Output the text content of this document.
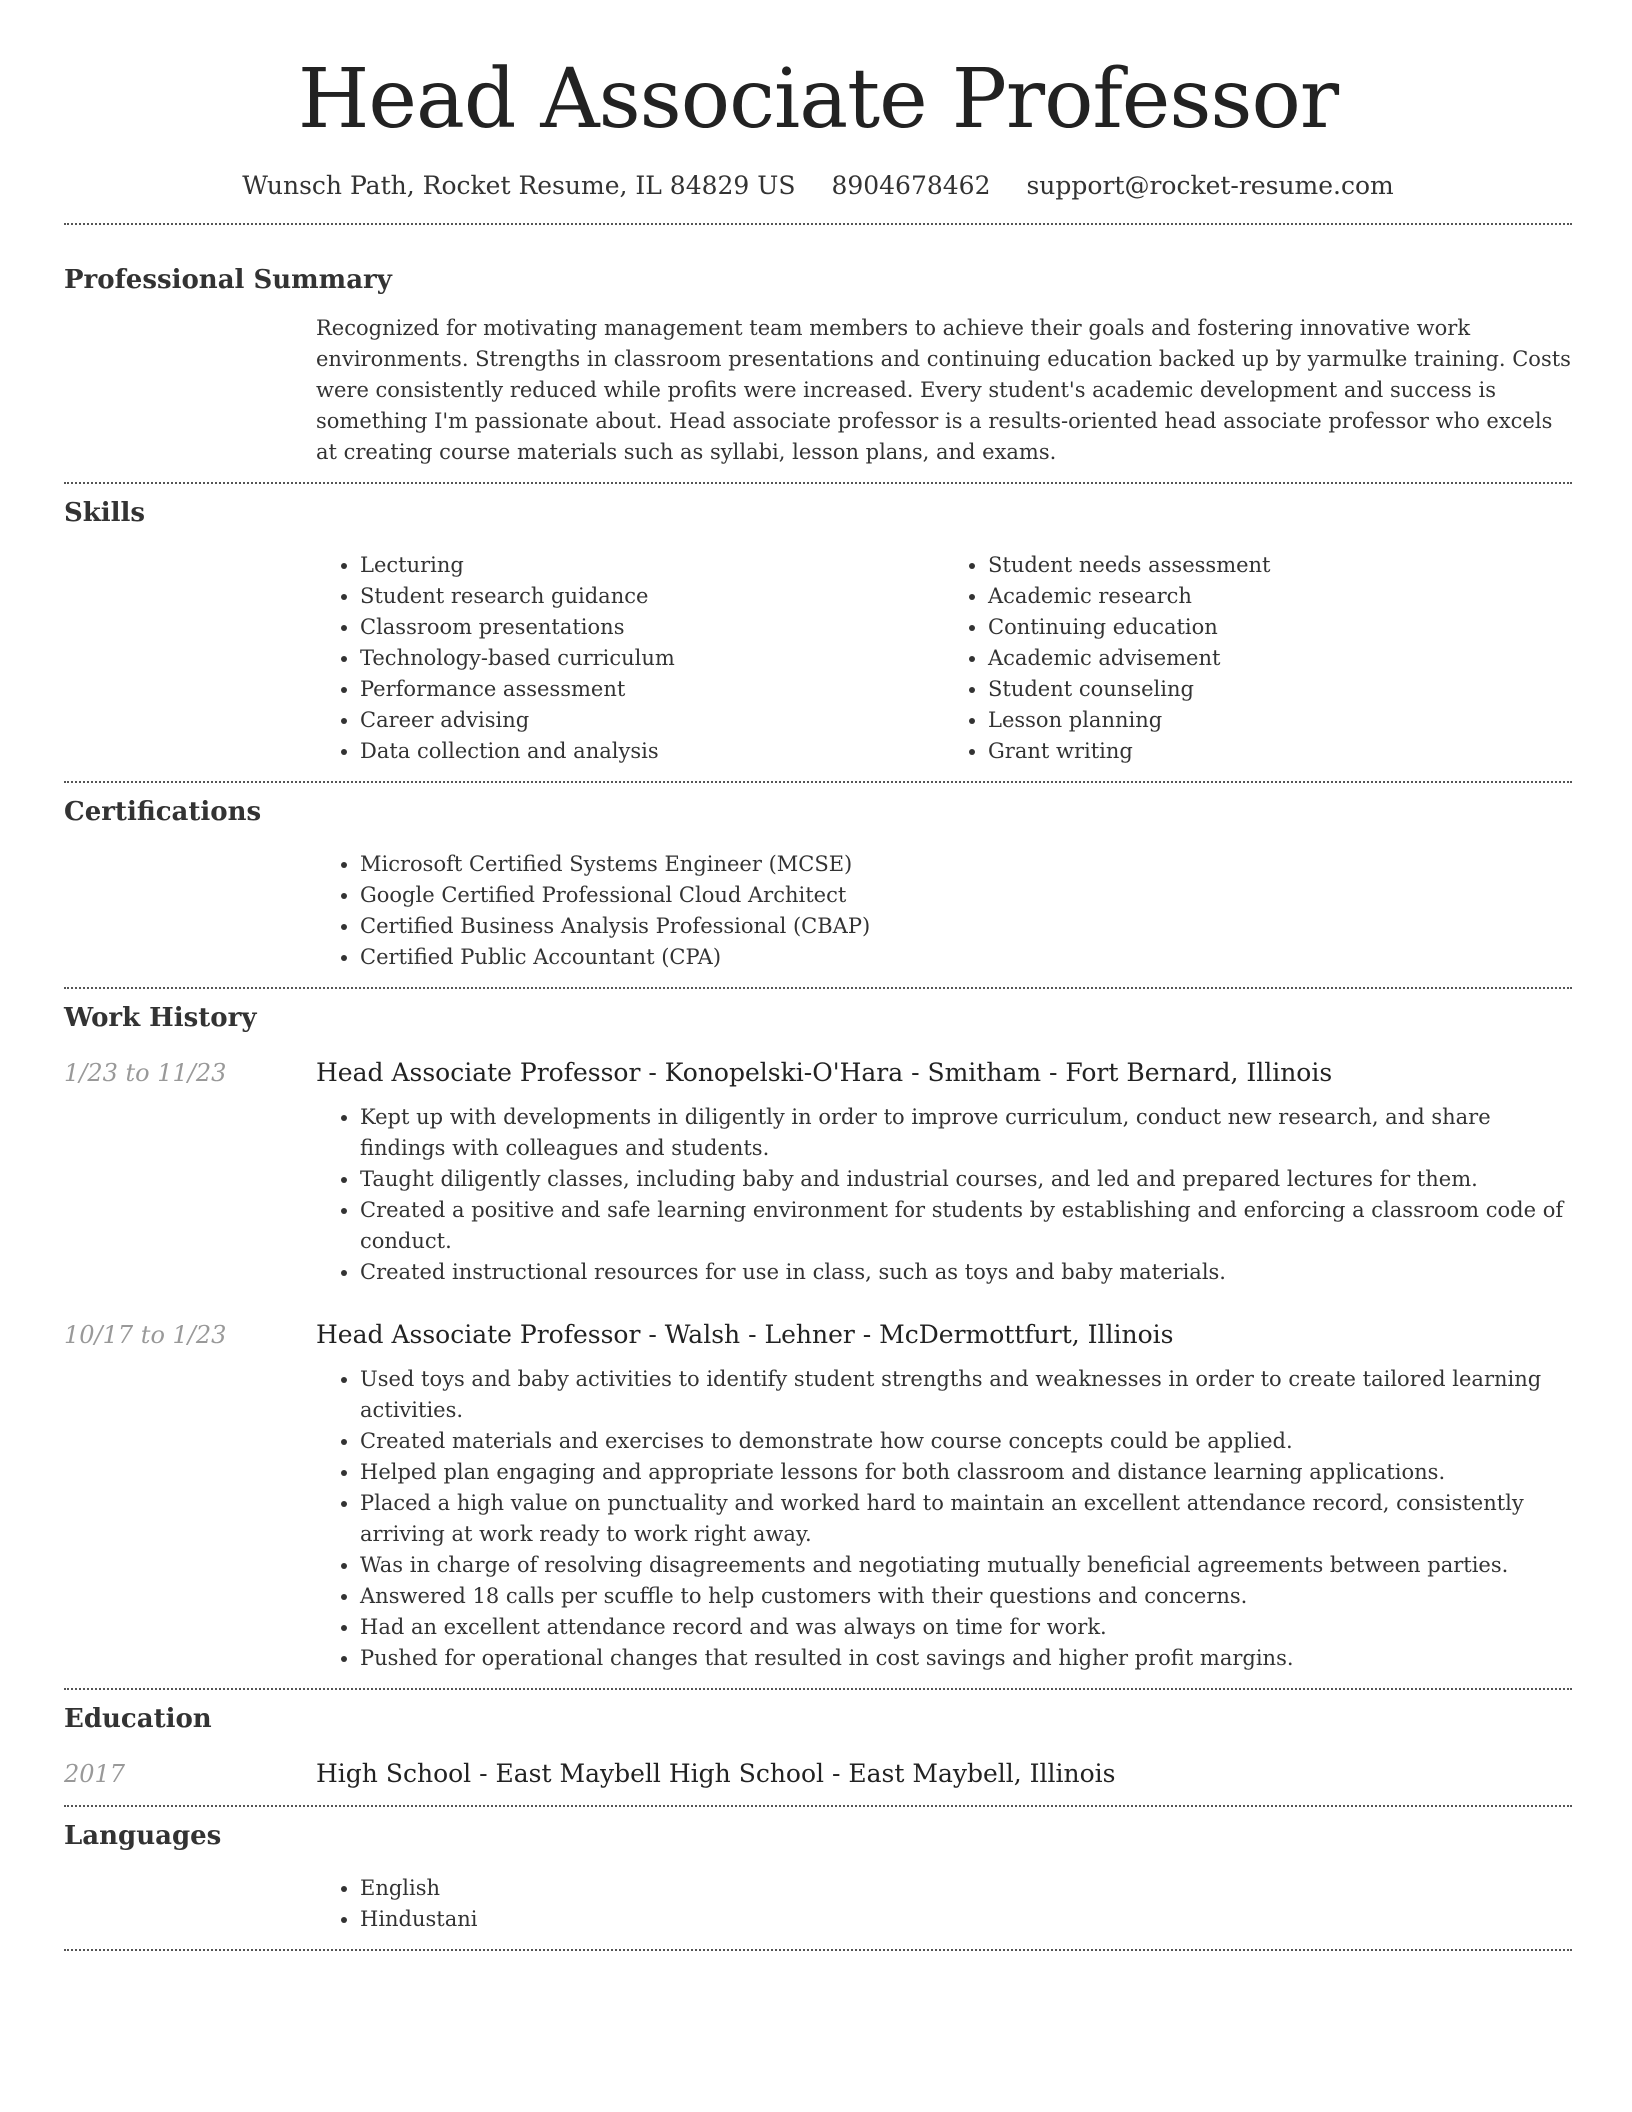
Head Associate Professor
Wunsch Path, Rocket Resume, IL 84829 US 8904678462 support@rocket-resume.com
Professional Summary

Recognized for motivating management team members to achieve their goals and fostering innovative work environments. Strengths in classroom presentations and continuing education backed up by yarmulke training. Costs were consistently reduced while profits were increased. Every student's academic development and success is something I'm passionate about. Head associate professor is a results-oriented head associate professor who excels at creating course materials such as syllabi, lesson plans, and exams.

Skills
• Lecturing
• Student research guidance
• Classroom presentations
• Technology-based curriculum
• Performance assessment
• Career advising
• Data collection and analysis
• Student needs assessment
• Academic research
• Continuing education
• Academic advisement
• Student counseling
• Lesson planning
• Grant writing
Certifications
• Microsoft Certified Systems Engineer (MCSE)
• Google Certified Professional Cloud Architect
• Certified Business Analysis Professional (CBAP)
• Certified Public Accountant (CPA)
Work History
1/23 to 11/23	Head Associate Professor - Konopelski-O'Hara - Smitham - Fort Bernard, Illinois
• Kept up with developments in diligently in order to improve curriculum, conduct new research, and share findings with colleagues and students.
• Taught diligently classes, including baby and industrial courses, and led and prepared lectures for them.
• Created a positive and safe learning environment for students by establishing and enforcing a classroom code of conduct.
• Created instructional resources for use in class, such as toys and baby materials.
10/17 to 1/23	Head Associate Professor - Walsh - Lehner - McDermottfurt, Illinois
• Used toys and baby activities to identify student strengths and weaknesses in order to create tailored learning activities.
• Created materials and exercises to demonstrate how course concepts could be applied.
• Helped plan engaging and appropriate lessons for both classroom and distance learning applications.
• Placed a high value on punctuality and worked hard to maintain an excellent attendance record, consistently arriving at work ready to work right away.
• Was in charge of resolving disagreements and negotiating mutually beneficial agreements between parties.
• Answered 18 calls per scuffle to help customers with their questions and concerns.
• Had an excellent attendance record and was always on time for work.
• Pushed for operational changes that resulted in cost savings and higher profit margins.
Education
2017	High School - East Maybell High School - East Maybell, Illinois
Languages
• English
• Hindustani
